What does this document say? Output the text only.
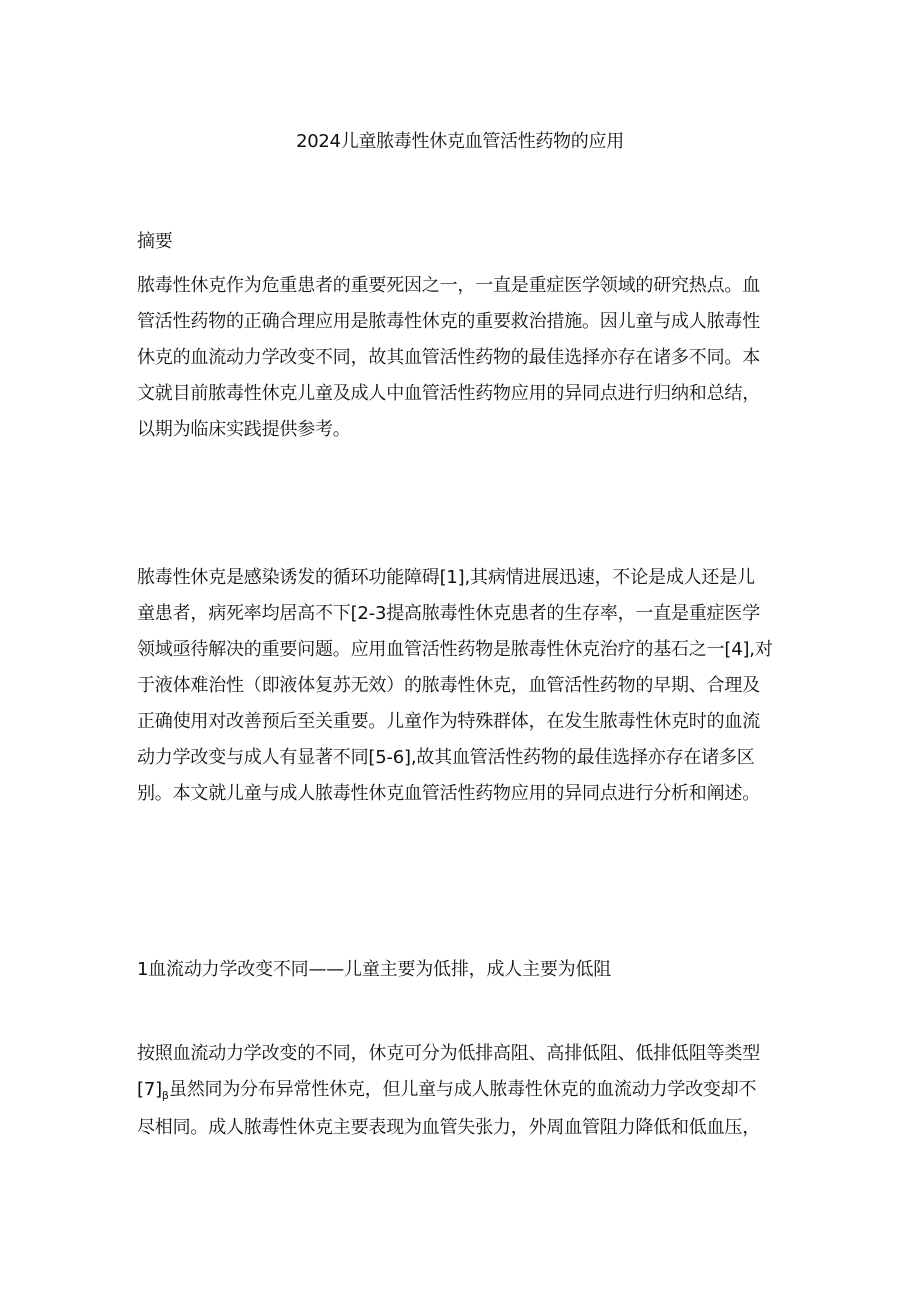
2024儿童脓毒性休克血管活性药物的应用

摘要

脓毒性休克作为危重患者的重要死因之一，一直是重症医学领域的研究热点。血

管活性药物的正确合理应用是脓毒性休克的重要救治措施。因儿童与成人脓毒性

休克的血流动力学改变不同，故其血管活性药物的最佳选择亦存在诸多不同。本

文就目前脓毒性休克儿童及成人中血管活性药物应用的异同点进行归纳和总结，

以期为临床实践提供参考。

脓毒性休克是感染诱发的循环功能障碍[1],其病情进展迅速，不论是成人还是儿

童患者，病死率均居高不下[2-3提高脓毒性休克患者的生存率，一直是重症医学

领域亟待解决的重要问题。应用血管活性药物是脓毒性休克治疗的基石之一[4],对

于液体难治性（即液体复苏无效）的脓毒性休克，血管活性药物的早期、合理及

正确使用对改善预后至关重要。儿童作为特殊群体，在发生脓毒性休克时的血流

动力学改变与成人有显著不同[5-6],故其血管活性药物的最佳选择亦存在诸多区

别。本文就儿童与成人脓毒性休克血管活性药物应用的异同点进行分析和阐述。

1血流动力学改变不同——儿童主要为低排，成人主要为低阻

按照血流动力学改变的不同，休克可分为低排高阻、高排低阻、低排低阻等类型

$[7]_\beta$虽然同为分布异常性休克，但儿童与成人脓毒性休克的血流动力学改变却不

尽相同。成人脓毒性休克主要表现为血管失张力，外周血管阻力降低和低血压，
